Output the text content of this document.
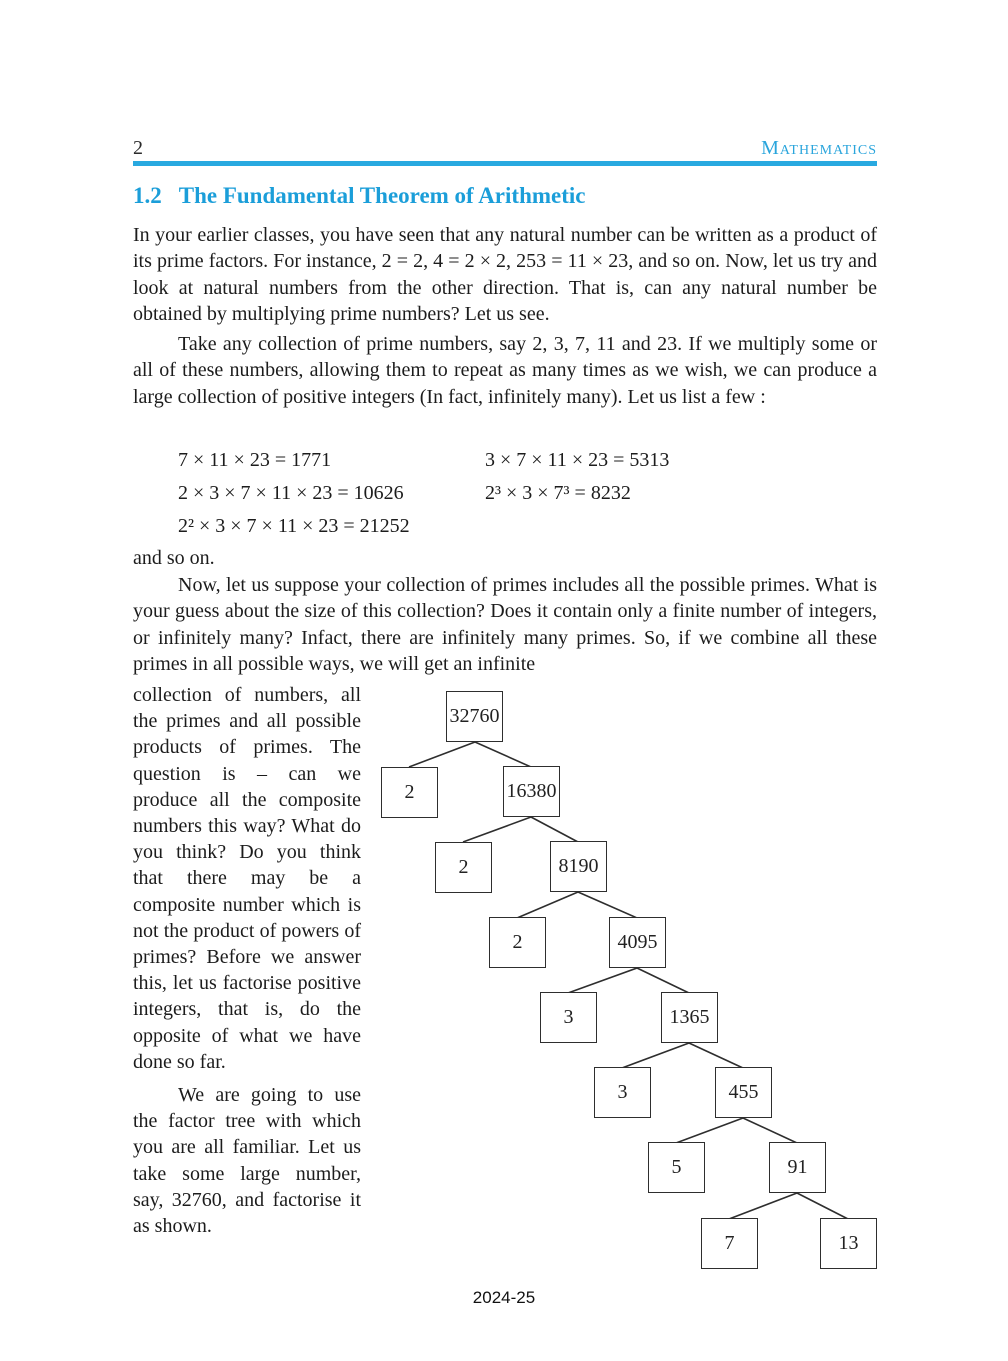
2	Mathematics
1.2 The Fundamental Theorem of Arithmetic

In your earlier classes, you have seen that any natural number can be written as a product of its prime factors. For instance, 2 = 2, 4 = 2 × 2, 253 = 11 × 23, and so on. Now, let us try and look at natural numbers from the other direction. That is, can any natural number be obtained by multiplying prime numbers? Let us see.

Take any collection of prime numbers, say 2, 3, 7, 11 and 23. If we multiply some or all of these numbers, allowing them to repeat as many times as we wish, we can produce a large collection of positive integers (In fact, infinitely many). Let us list a few :

7 × 11 × 23 = 1771	3 × 7 × 11 × 23 = 5313
2 × 3 × 7 × 11 × 23 = 10626	2³ × 3 × 7³ = 8232
2² × 3 × 7 × 11 × 23 = 21252

and so on.

Now, let us suppose your collection of primes includes all the possible primes. What is your guess about the size of this collection? Does it contain only a finite number of integers, or infinitely many? Infact, there are infinitely many primes. So, if we combine all these primes in all possible ways, we will get an infinite

collection of numbers, all the primes and all possible products of primes. The question is – can we produce all the composite numbers this way? What do you think? Do you think that there may be a composite number which is not the product of powers of primes? Before we answer this, let us factorise positive integers, that is, do the opposite of what we have done so far.

We are going to use the factor tree with which you are all familiar. Let us take some large number, say, 32760, and factorise it as shown.

32760
2	16380
2	8190
2	4095
3	1365
3	455
5	91
7	13
2024-25
